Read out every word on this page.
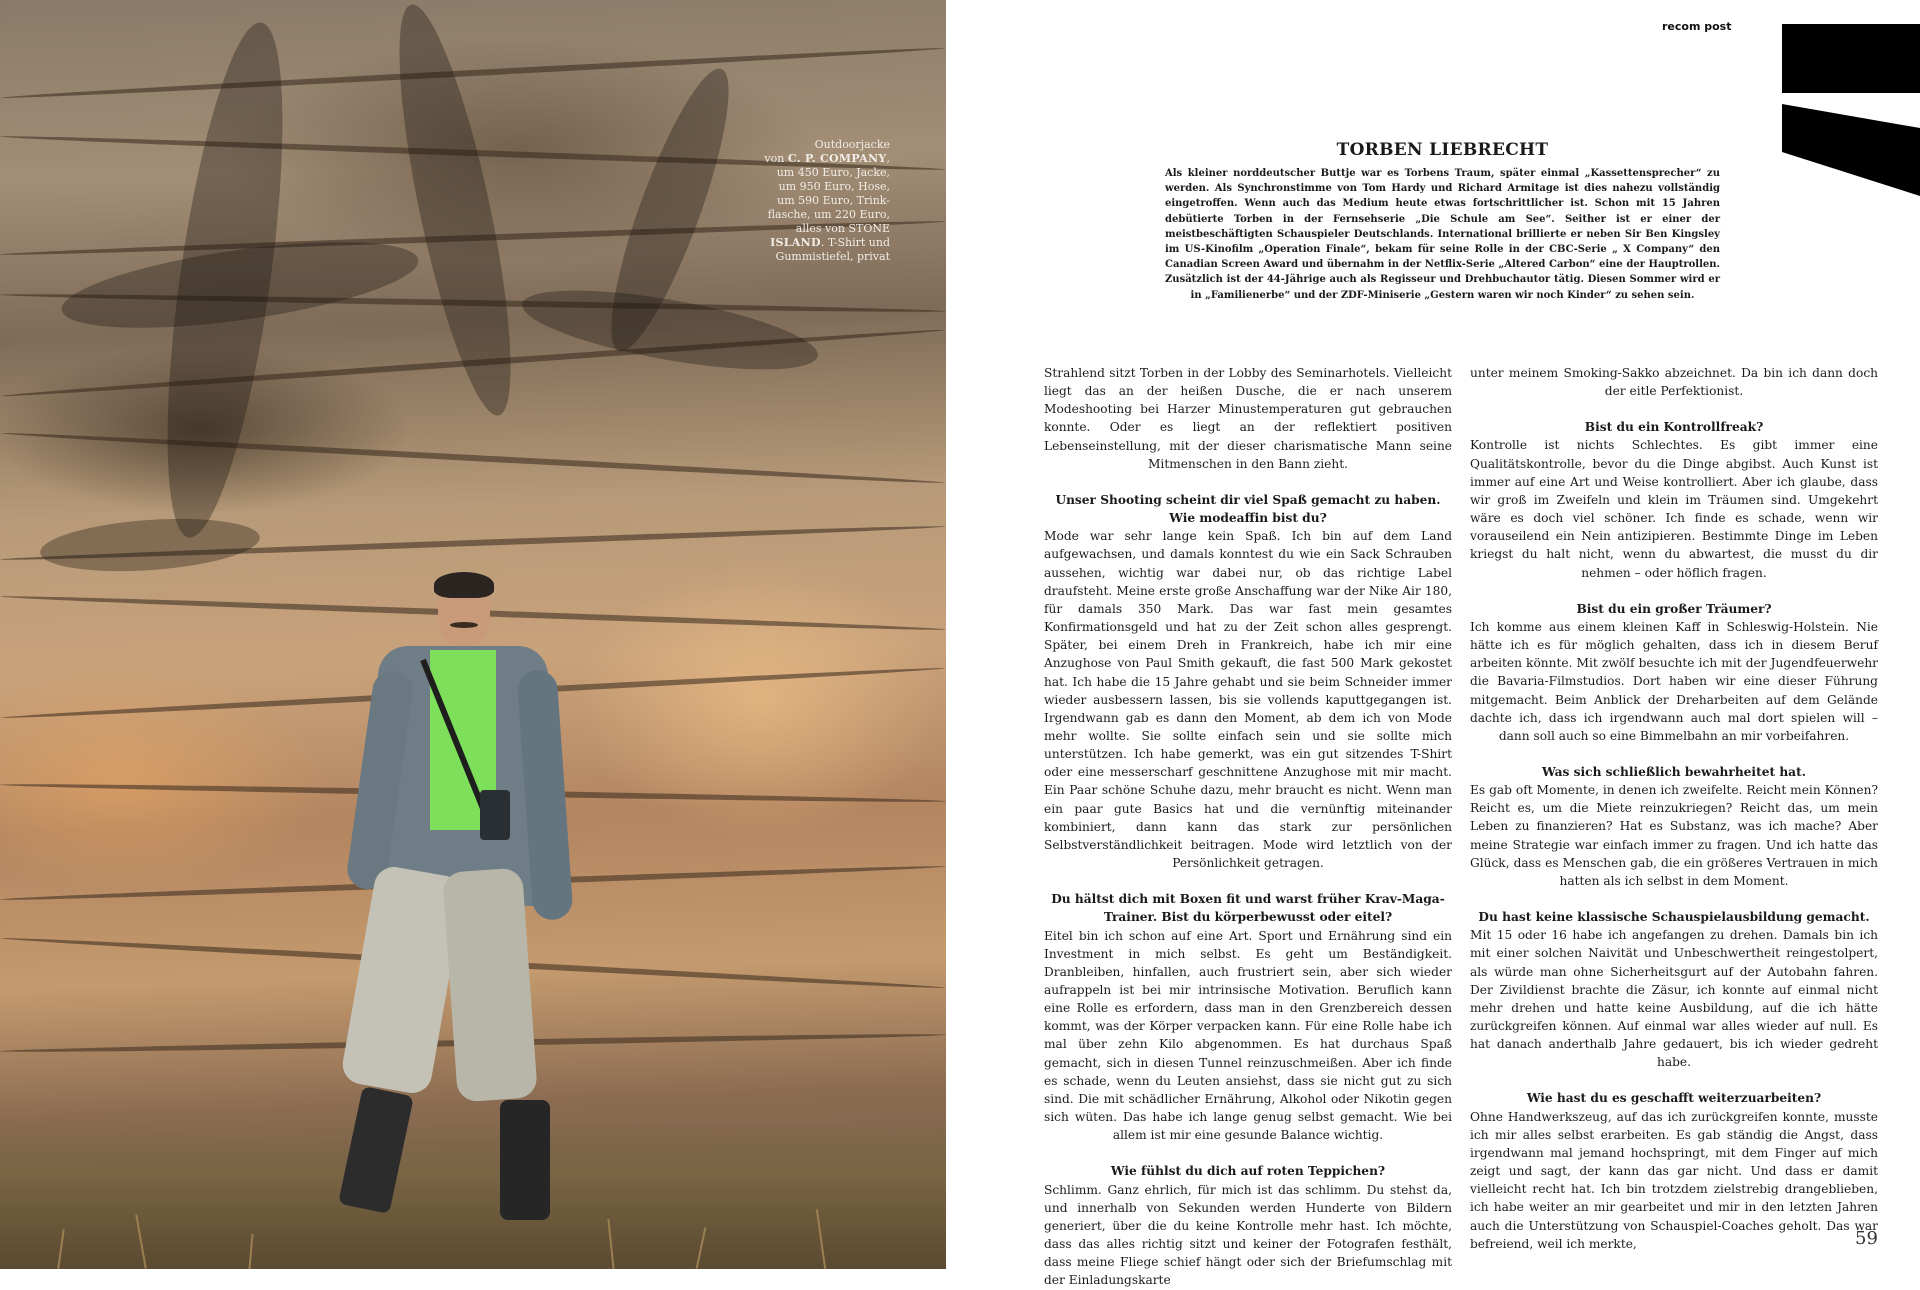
Outdoorjacke
von C. P. COMPANY,
um 450 Euro, Jacke,
um 950 Euro, Hose,
um 590 Euro, Trink-
flasche, um 220 Euro,
alles von STONE
ISLAND. T-Shirt und
Gummistiefel, privat
recom post
TORBEN LIEBRECHT
Als kleiner norddeutscher Buttje war es Torbens Traum, später einmal „Kassettensprecher“ zu werden. Als Synchronstimme von Tom Hardy und Richard Armitage ist dies nahezu vollständig eingetroffen. Wenn auch das Medium heute etwas fortschrittlicher ist. Schon mit 15 Jahren debütierte Torben in der Fernsehserie „Die Schule am See“. Seither ist er einer der meistbeschäftigten Schauspieler Deutschlands. International brillierte er neben Sir Ben Kingsley im US-Kinofilm „Operation Finale“, bekam für seine Rolle in der CBC-Serie „ X Company“ den Canadian Screen Award und übernahm in der Netflix-Serie „Altered Carbon“ eine der Hauptrollen. Zusätzlich ist der 44-Jährige auch als Regisseur und Drehbuchautor tätig. Diesen Sommer wird er in „Familienerbe“ und der ZDF-Miniserie „Gestern waren wir noch Kinder“ zu sehen sein.

Strahlend sitzt Torben in der Lobby des Seminarhotels. Vielleicht liegt das an der heißen Dusche, die er nach unserem Modeshooting bei Harzer Minustemperaturen gut gebrauchen konnte. Oder es liegt an der reflektiert positiven Lebenseinstellung, mit der dieser charismatische Mann seine Mitmenschen in den Bann zieht.

Unser Shooting scheint dir viel Spaß gemacht zu haben. Wie modeaffin bist du?

Mode war sehr lange kein Spaß. Ich bin auf dem Land aufgewachsen, und damals konntest du wie ein Sack Schrauben aussehen, wichtig war dabei nur, ob das richtige Label draufsteht. Meine erste große Anschaffung war der Nike Air 180, für damals 350 Mark. Das war fast mein gesamtes Konfirmationsgeld und hat zu der Zeit schon alles gesprengt. Später, bei einem Dreh in Frankreich, habe ich mir eine Anzughose von Paul Smith gekauft, die fast 500 Mark gekostet hat. Ich habe die 15 Jahre gehabt und sie beim Schneider immer wieder ausbessern lassen, bis sie vollends kaputtgegangen ist. Irgendwann gab es dann den Moment, ab dem ich von Mode mehr wollte. Sie sollte einfach sein und sie sollte mich unterstützen. Ich habe gemerkt, was ein gut sitzendes T-Shirt oder eine messerscharf geschnittene Anzughose mit mir macht. Ein Paar schöne Schuhe dazu, mehr braucht es nicht. Wenn man ein paar gute Basics hat und die vernünftig miteinander kombiniert, dann kann das stark zur persönlichen Selbstverständlichkeit beitragen. Mode wird letztlich von der Persönlichkeit getragen.

Du hältst dich mit Boxen fit und warst früher Krav-Maga-Trainer. Bist du körperbewusst oder eitel?

Eitel bin ich schon auf eine Art. Sport und Ernährung sind ein Investment in mich selbst. Es geht um Beständigkeit. Dranbleiben, hinfallen, auch frustriert sein, aber sich wieder aufrappeln ist bei mir intrinsische Motivation. Beruflich kann eine Rolle es erfordern, dass man in den Grenzbereich dessen kommt, was der Körper verpacken kann. Für eine Rolle habe ich mal über zehn Kilo abgenommen. Es hat durchaus Spaß gemacht, sich in diesen Tunnel reinzuschmeißen. Aber ich finde es schade, wenn du Leuten ansiehst, dass sie nicht gut zu sich sind. Die mit schädlicher Ernährung, Alkohol oder Nikotin gegen sich wüten. Das habe ich lange genug selbst gemacht. Wie bei allem ist mir eine gesunde Balance wichtig.

Wie fühlst du dich auf roten Teppichen?

Schlimm. Ganz ehrlich, für mich ist das schlimm. Du stehst da, und innerhalb von Sekunden werden Hunderte von Bildern generiert, über die du keine Kontrolle mehr hast. Ich möchte, dass das alles richtig sitzt und keiner der Fotografen festhält, dass meine Fliege schief hängt oder sich der Briefumschlag mit der Einladungskarte

unter meinem Smoking-Sakko abzeichnet. Da bin ich dann doch der eitle Perfektionist.

Bist du ein Kontrollfreak?

Kontrolle ist nichts Schlechtes. Es gibt immer eine Qualitätskontrolle, bevor du die Dinge abgibst. Auch Kunst ist immer auf eine Art und Weise kontrolliert. Aber ich glaube, dass wir groß im Zweifeln und klein im Träumen sind. Umgekehrt wäre es doch viel schöner. Ich finde es schade, wenn wir vorauseilend ein Nein antizipieren. Bestimmte Dinge im Leben kriegst du halt nicht, wenn du abwartest, die musst du dir nehmen – oder höflich fragen.

Bist du ein großer Träumer?

Ich komme aus einem kleinen Kaff in Schleswig-Holstein. Nie hätte ich es für möglich gehalten, dass ich in diesem Beruf arbeiten könnte. Mit zwölf besuchte ich mit der Jugendfeuerwehr die Bavaria-Filmstudios. Dort haben wir eine dieser Führung mitgemacht. Beim Anblick der Dreharbeiten auf dem Gelände dachte ich, dass ich irgendwann auch mal dort spielen will – dann soll auch so eine Bimmelbahn an mir vorbeifahren.

Was sich schließlich bewahrheitet hat.

Es gab oft Momente, in denen ich zweifelte. Reicht mein Können? Reicht es, um die Miete reinzukriegen? Reicht das, um mein Leben zu finanzieren? Hat es Substanz, was ich mache? Aber meine Strategie war einfach immer zu fragen. Und ich hatte das Glück, dass es Menschen gab, die ein größeres Vertrauen in mich hatten als ich selbst in dem Moment.

Du hast keine klassische Schauspielausbildung gemacht.

Mit 15 oder 16 habe ich angefangen zu drehen. Damals bin ich mit einer solchen Naivität und Unbeschwertheit reingestolpert, als würde man ohne Sicherheitsgurt auf der Autobahn fahren. Der Zivildienst brachte die Zäsur, ich konnte auf einmal nicht mehr drehen und hatte keine Ausbildung, auf die ich hätte zurückgreifen können. Auf einmal war alles wieder auf null. Es hat danach anderthalb Jahre gedauert, bis ich wieder gedreht habe.

Wie hast du es geschafft weiterzuarbeiten?

Ohne Handwerkszeug, auf das ich zurückgreifen konnte, musste ich mir alles selbst erarbeiten. Es gab ständig die Angst, dass irgendwann mal jemand hochspringt, mit dem Finger auf mich zeigt und sagt, der kann das gar nicht. Und dass er damit vielleicht recht hat. Ich bin trotzdem zielstrebig drangeblieben, ich habe weiter an mir gearbeitet und mir in den letzten Jahren auch die Unterstützung von Schauspiel-Coaches geholt. Das war befreiend, weil ich merkte,	59
